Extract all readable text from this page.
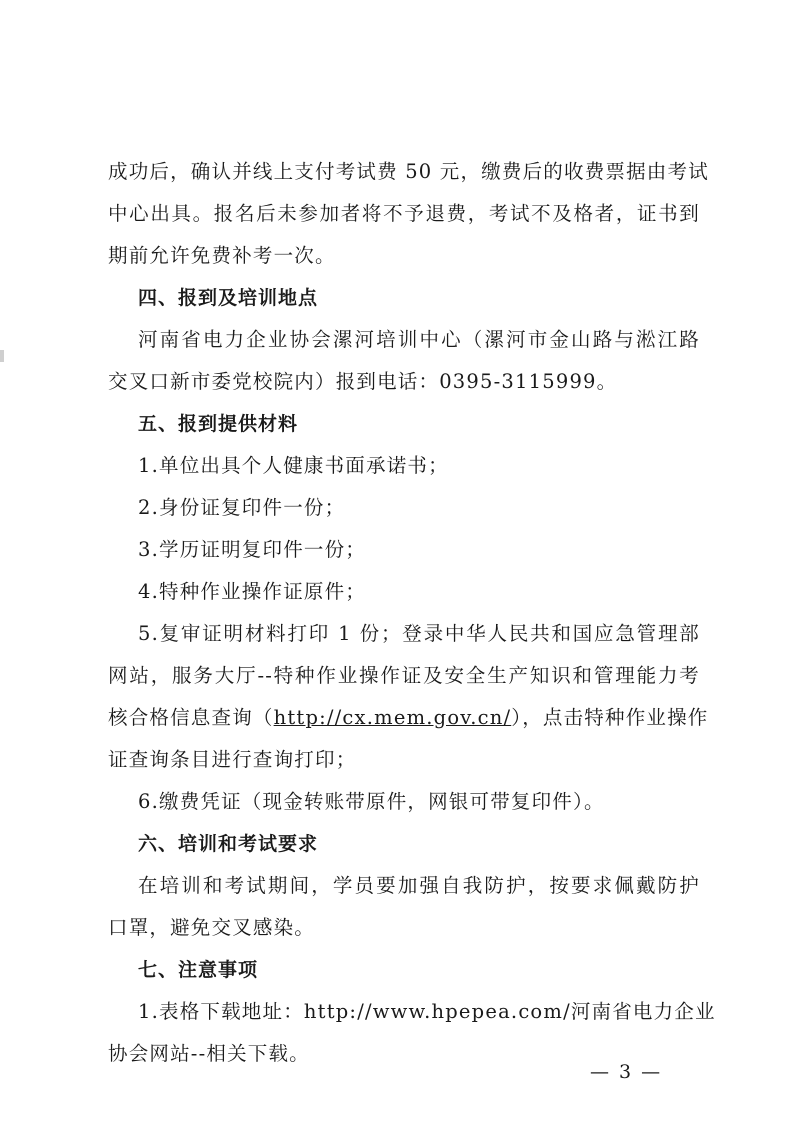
成功后，确认并线上支付考试费 50 元，缴费后的收费票据由考试
中心出具。报名后未参加者将不予退费，考试不及格者，证书到
期前允许免费补考一次。
四、报到及培训地点
河南省电力企业协会漯河培训中心（漯河市金山路与淞江路
交叉口新市委党校院内）报到电话：0395-3115999。
五、报到提供材料
1.单位出具个人健康书面承诺书；
2.身份证复印件一份；
3.学历证明复印件一份；
4.特种作业操作证原件；
5.复审证明材料打印 1 份；登录中华人民共和国应急管理部
网站，服务大厅--特种作业操作证及安全生产知识和管理能力考
核合格信息查询（http://cx.mem.gov.cn/），点击特种作业操作
证查询条目进行查询打印；
6.缴费凭证（现金转账带原件，网银可带复印件）。
六、培训和考试要求
在培训和考试期间，学员要加强自我防护，按要求佩戴防护
口罩，避免交叉感染。
七、注意事项
1.表格下载地址：http://www.hpepea.com/河南省电力企业
协会网站--相关下载。
— 3 —
